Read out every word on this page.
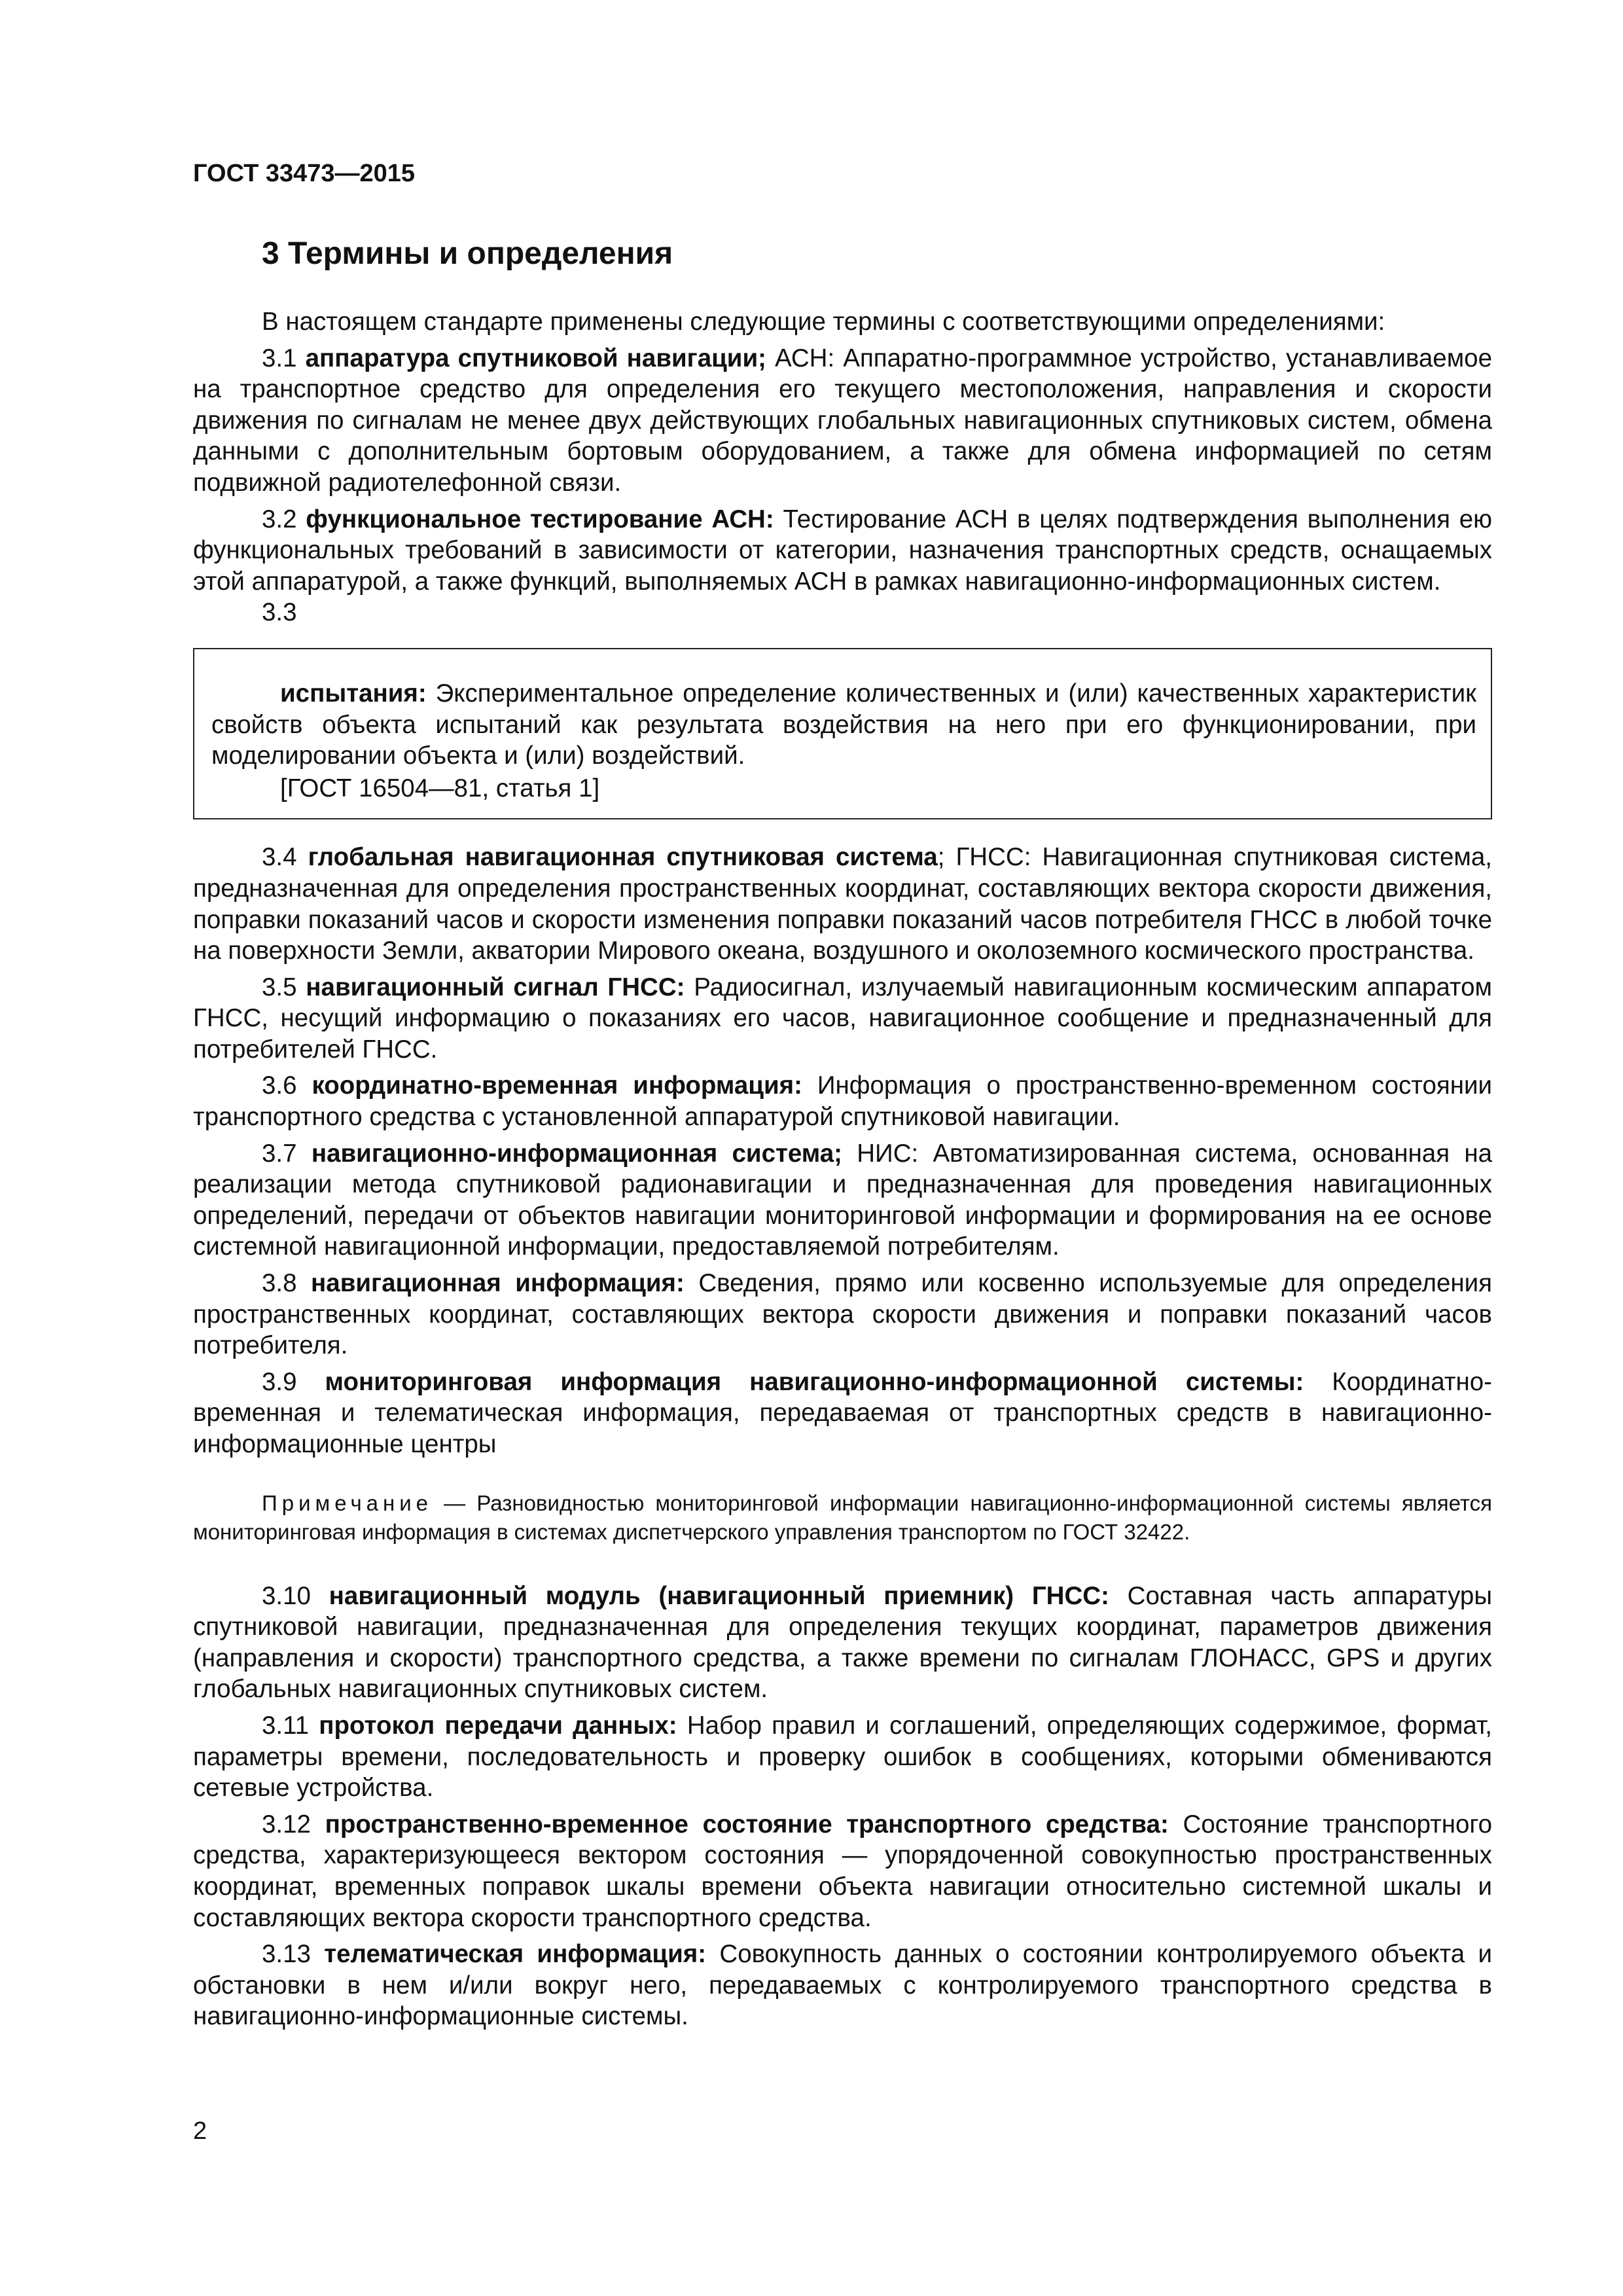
ГОСТ 33473—2015

3 Термины и определения

В настоящем стандарте применены следующие термины с соответствующими определениями:

3.1 аппаратура спутниковой навигации; АСН: Аппаратно-программное устройство, устанавливаемое на транспортное средство для определения его текущего местоположения, направления и скорости движения по сигналам не менее двух действующих глобальных навигационных спутниковых систем, обмена данными с дополнительным бортовым оборудованием, а также для обмена информацией по сетям подвижной радиотелефонной связи.

3.2 функциональное тестирование АСН: Тестирование АСН в целях подтверждения выполнения ею функциональных требований в зависимости от категории, назначения транспортных средств, оснащаемых этой аппаратурой, а также функций, выполняемых АСН в рамках навигационно-информационных систем.

3.3

испытания: Экспериментальное определение количественных и (или) качественных характеристик свойств объекта испытаний как результата воздействия на него при его функционировании, при моделировании объекта и (или) воздействий.

[ГОСТ 16504—81, статья 1]

3.4 глобальная навигационная спутниковая система; ГНСС: Навигационная спутниковая система, предназначенная для определения пространственных координат, составляющих вектора скорости движения, поправки показаний часов и скорости изменения поправки показаний часов потребителя ГНСС в любой точке на поверхности Земли, акватории Мирового океана, воздушного и околоземного космического пространства.

3.5 навигационный сигнал ГНСС: Радиосигнал, излучаемый навигационным космическим аппаратом ГНСС, несущий информацию о показаниях его часов, навигационное сообщение и предназначенный для потребителей ГНСС.

3.6 координатно-временная информация: Информация о пространственно-временном состоянии транспортного средства с установленной аппаратурой спутниковой навигации.

3.7 навигационно-информационная система; НИС: Автоматизированная система, основанная на реализации метода спутниковой радионавигации и предназначенная для проведения навигационных определений, передачи от объектов навигации мониторинговой информации и формирования на ее основе системной навигационной информации, предоставляемой потребителям.

3.8 навигационная информация: Сведения, прямо или косвенно используемые для определения пространственных координат, составляющих вектора скорости движения и поправки показаний часов потребителя.

3.9 мониторинговая информация навигационно-информационной системы: Координатно-временная и телематическая информация, передаваемая от транспортных средств в навигационно-информационные центры

Примечание — Разновидностью мониторинговой информации навигационно-информационной системы является мониторинговая информация в системах диспетчерского управления транспортом по ГОСТ 32422.

3.10 навигационный модуль (навигационный приемник) ГНСС: Составная часть аппаратуры спутниковой навигации, предназначенная для определения текущих координат, параметров движения (направления и скорости) транспортного средства, а также времени по сигналам ГЛОНАСС, GPS и других глобальных навигационных спутниковых систем.

3.11 протокол передачи данных: Набор правил и соглашений, определяющих содержимое, формат, параметры времени, последовательность и проверку ошибок в сообщениях, которыми обмениваются сетевые устройства.

3.12 пространственно-временное состояние транспортного средства: Состояние транспортного средства, характеризующееся вектором состояния — упорядоченной совокупностью пространственных координат, временных поправок шкалы времени объекта навигации относительно системной шкалы и составляющих вектора скорости транспортного средства.

3.13 телематическая информация: Совокупность данных о состоянии контролируемого объекта и обстановки в нем и/или вокруг него, передаваемых с контролируемого транспортного средства в навигационно-информационные системы.

2
